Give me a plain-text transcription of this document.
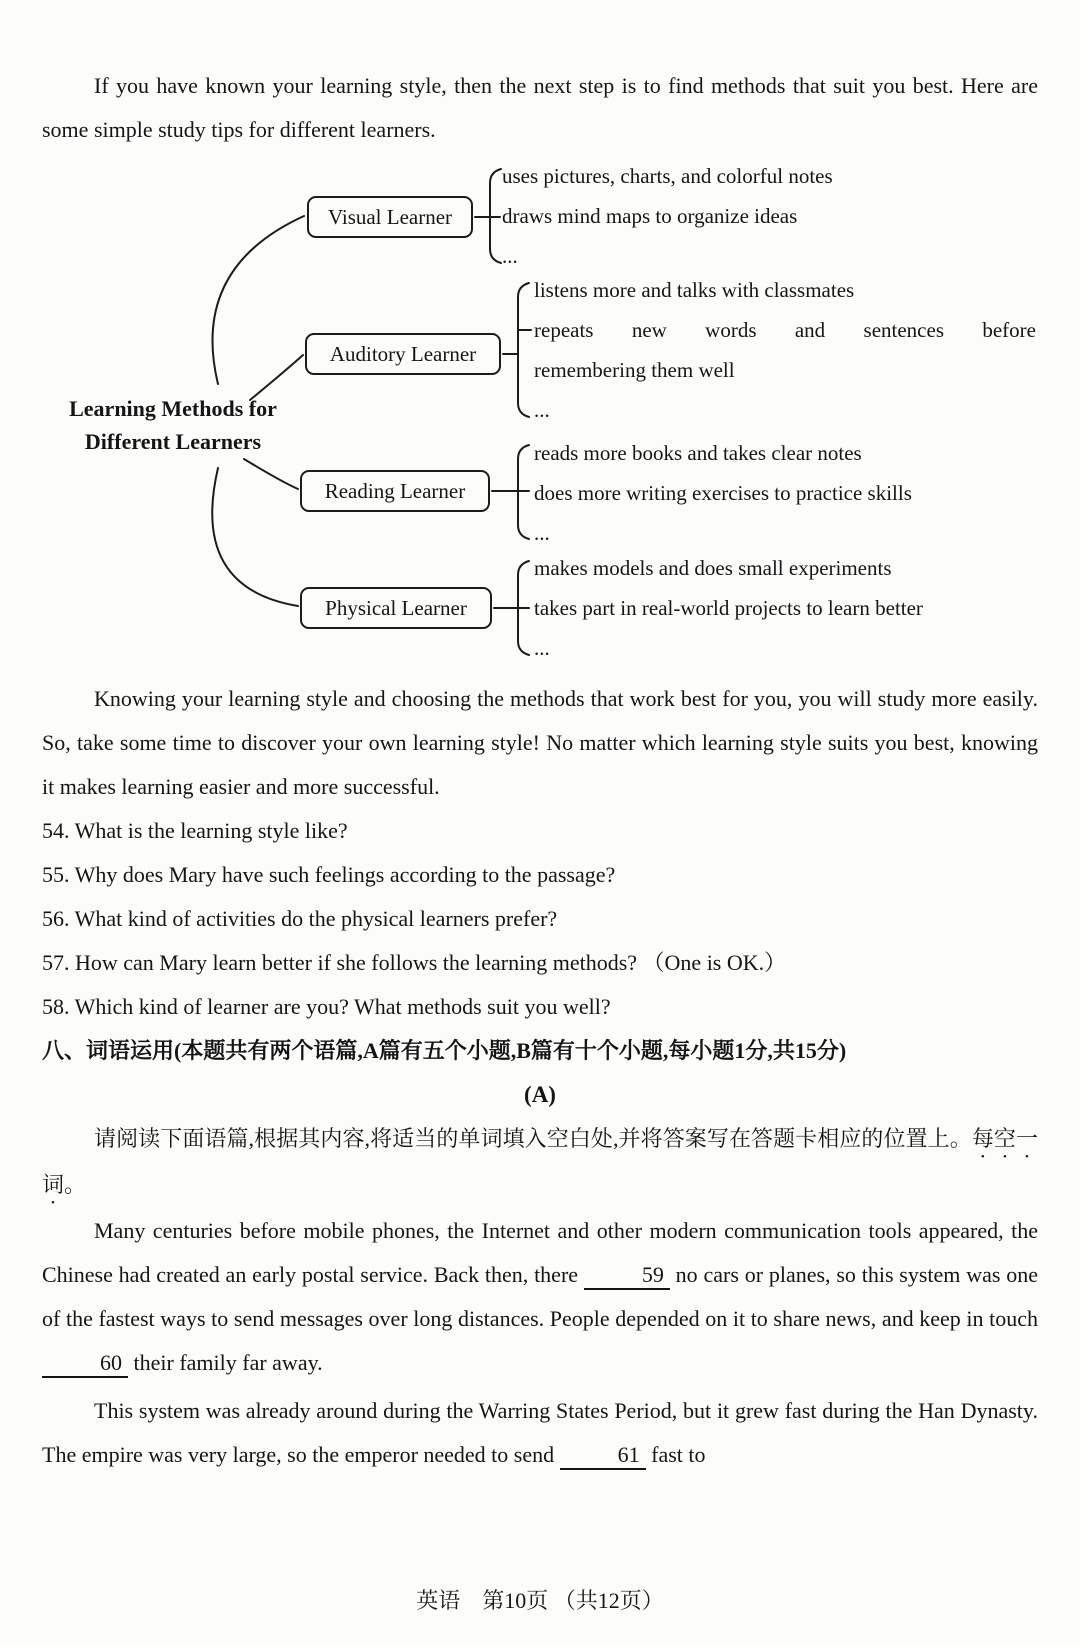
If you have known your learning style, then the next step is to find methods that suit you best. Here are some simple study tips for different learners.

Learning Methods for
Different Learners
Visual Learner
Auditory Learner
Reading Learner
Physical Learner
uses pictures, charts, and colorful notes
draws mind maps to organize ideas
...
listens more and talks with classmates
repeats new words and sentences before
remembering them well
...
reads more books and takes clear notes
does more writing exercises to practice skills
...
makes models and does small experiments
takes part in real-world projects to learn better
...

Knowing your learning style and choosing the methods that work best for you, you will study more easily. So, take some time to discover your own learning style! No matter which learning style suits you best, knowing it makes learning easier and more successful.

54. What is the learning style like?
55. Why does Mary have such feelings according to the passage?
56. What kind of activities do the physical learners prefer?
57. How can Mary learn better if she follows the learning methods? （One is OK.）
58. Which kind of learner are you? What methods suit you well?
八、词语运用(本题共有两个语篇,A篇有五个小题,B篇有十个小题,每小题1分,共15分)
(A)

请阅读下面语篇,根据其内容,将适当的单词填入空白处,并将答案写在答题卡相应的位置上。每空一词。

Many centuries before mobile phones, the Internet and other modern communication tools appeared, the Chinese had created an early postal service. Back then, there	59 no cars or planes, so this system was one of the fastest ways to send messages over long distances. People depended on it to share news, and keep in touch 60 their family far away.

This system was already around during the Warring States Period, but it grew fast during the Han Dynasty. The empire was very large, so the emperor needed to send	61 fast to

英语　第10页 （共12页）
